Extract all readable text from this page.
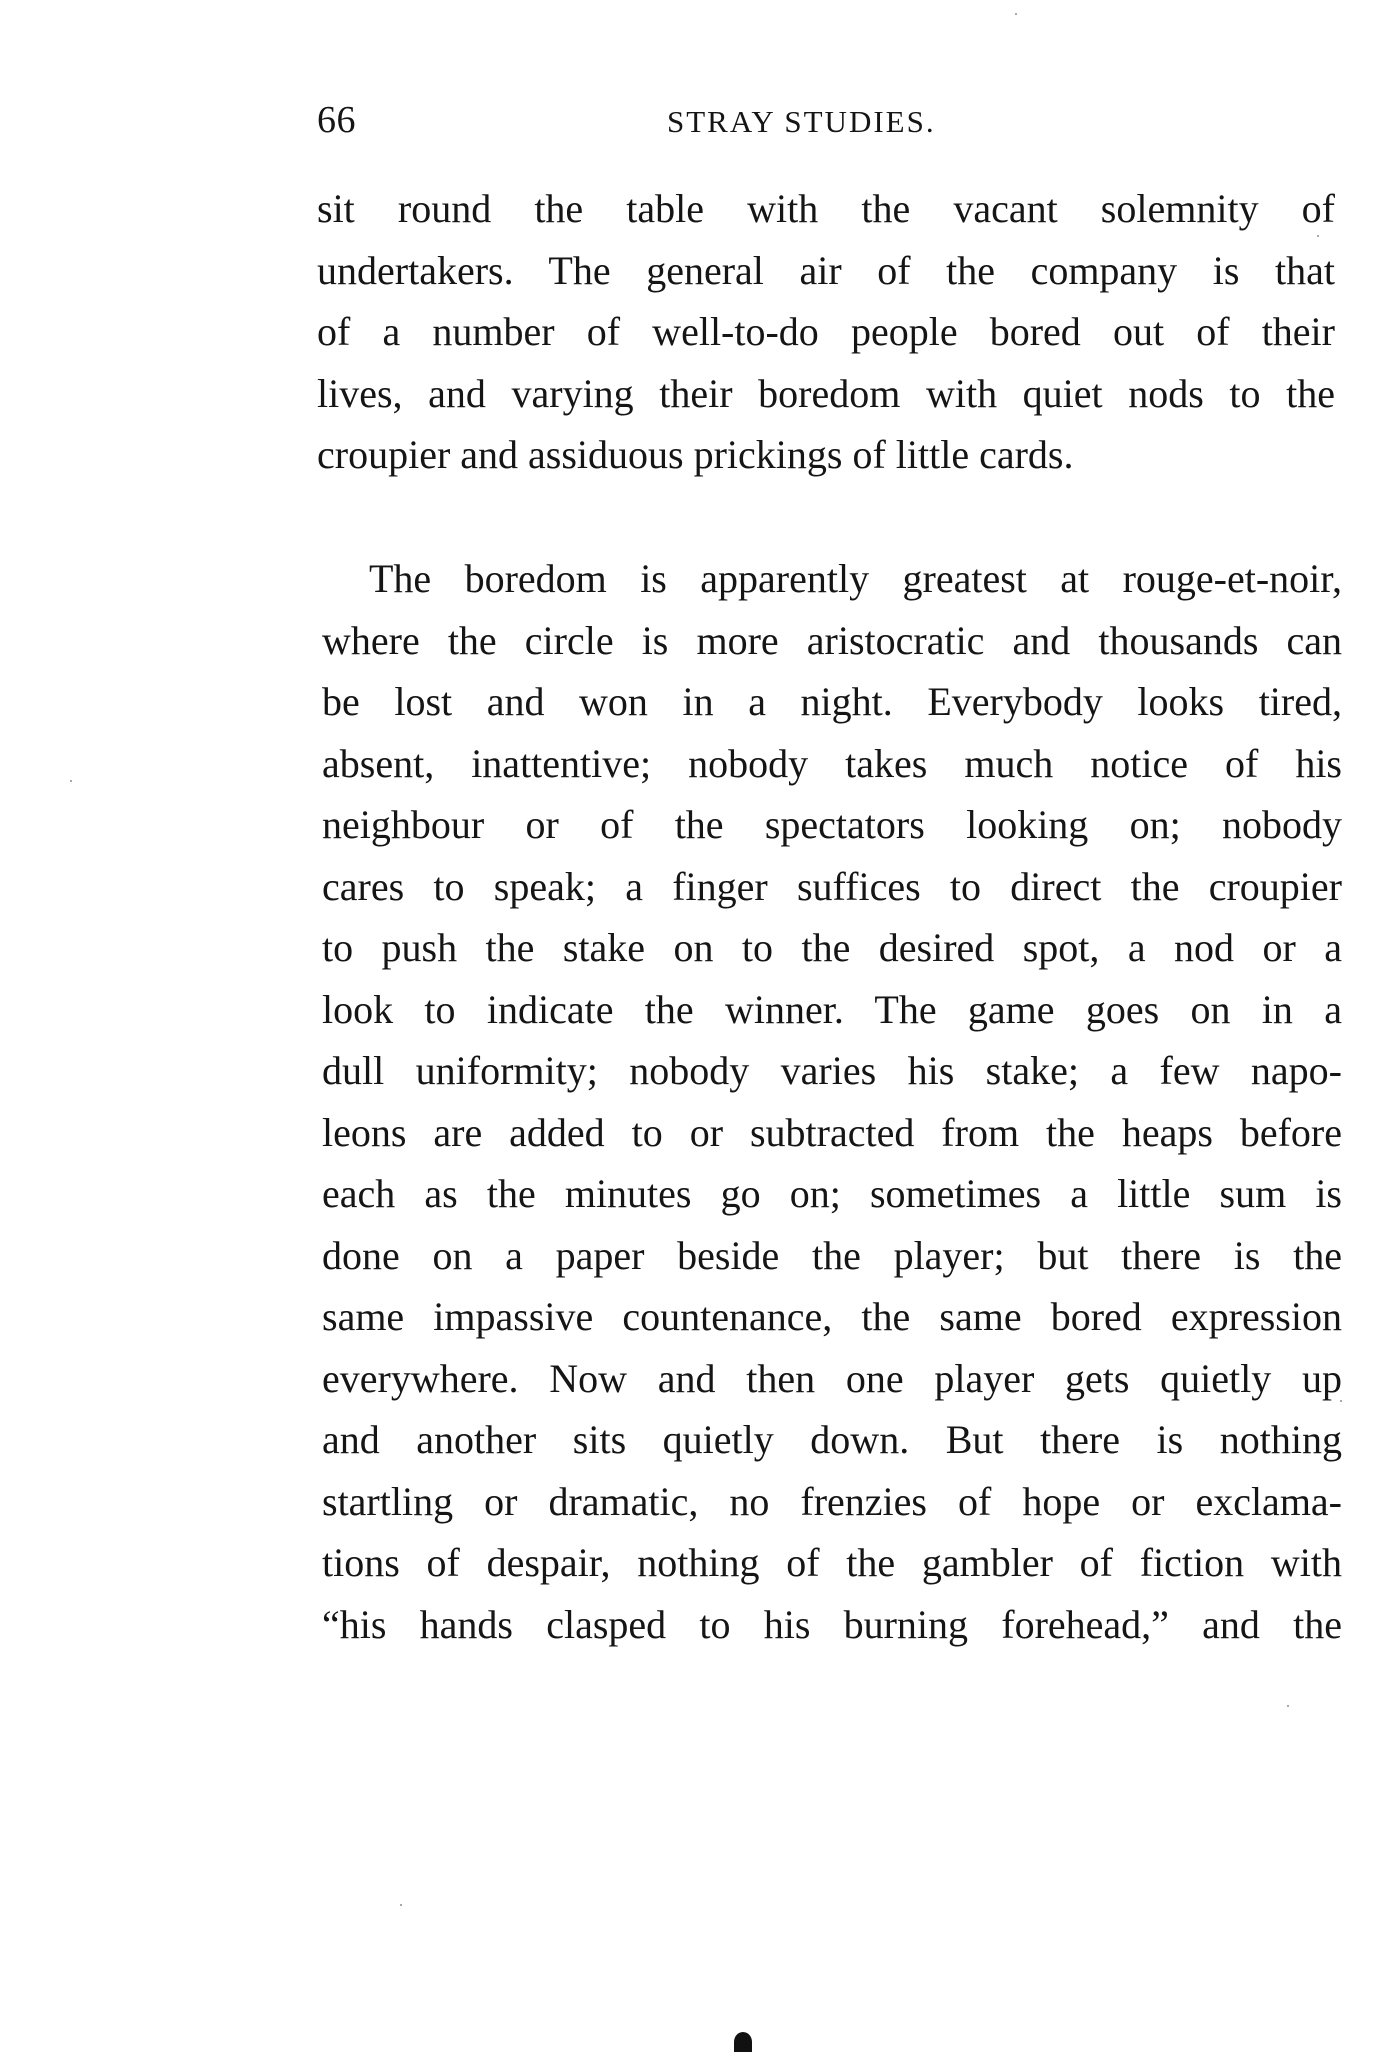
66	STRAY STUDIES.

sit round the table with the vacant solemnity of
undertakers. The general air of the company is that
of a number of well-to-do people bored out of their
lives, and varying their boredom with quiet nods to the
croupier and assiduous prickings of little cards.

The boredom is apparently greatest at rouge-et-noir,
where the circle is more aristocratic and thousands can
be lost and won in a night. Everybody looks tired,
absent, inattentive; nobody takes much notice of his
neighbour or of the spectators looking on; nobody
cares to speak; a finger suffices to direct the croupier
to push the stake on to the desired spot, a nod or a
look to indicate the winner. The game goes on in a
dull uniformity; nobody varies his stake; a few napo-
leons are added to or subtracted from the heaps before
each as the minutes go on; sometimes a little sum is
done on a paper beside the player; but there is the
same impassive countenance, the same bored expression
everywhere. Now and then one player gets quietly up
and another sits quietly down. But there is nothing
startling or dramatic, no frenzies of hope or exclama-
tions of despair, nothing of the gambler of fiction with
“his hands clasped to his burning forehead,” and the
